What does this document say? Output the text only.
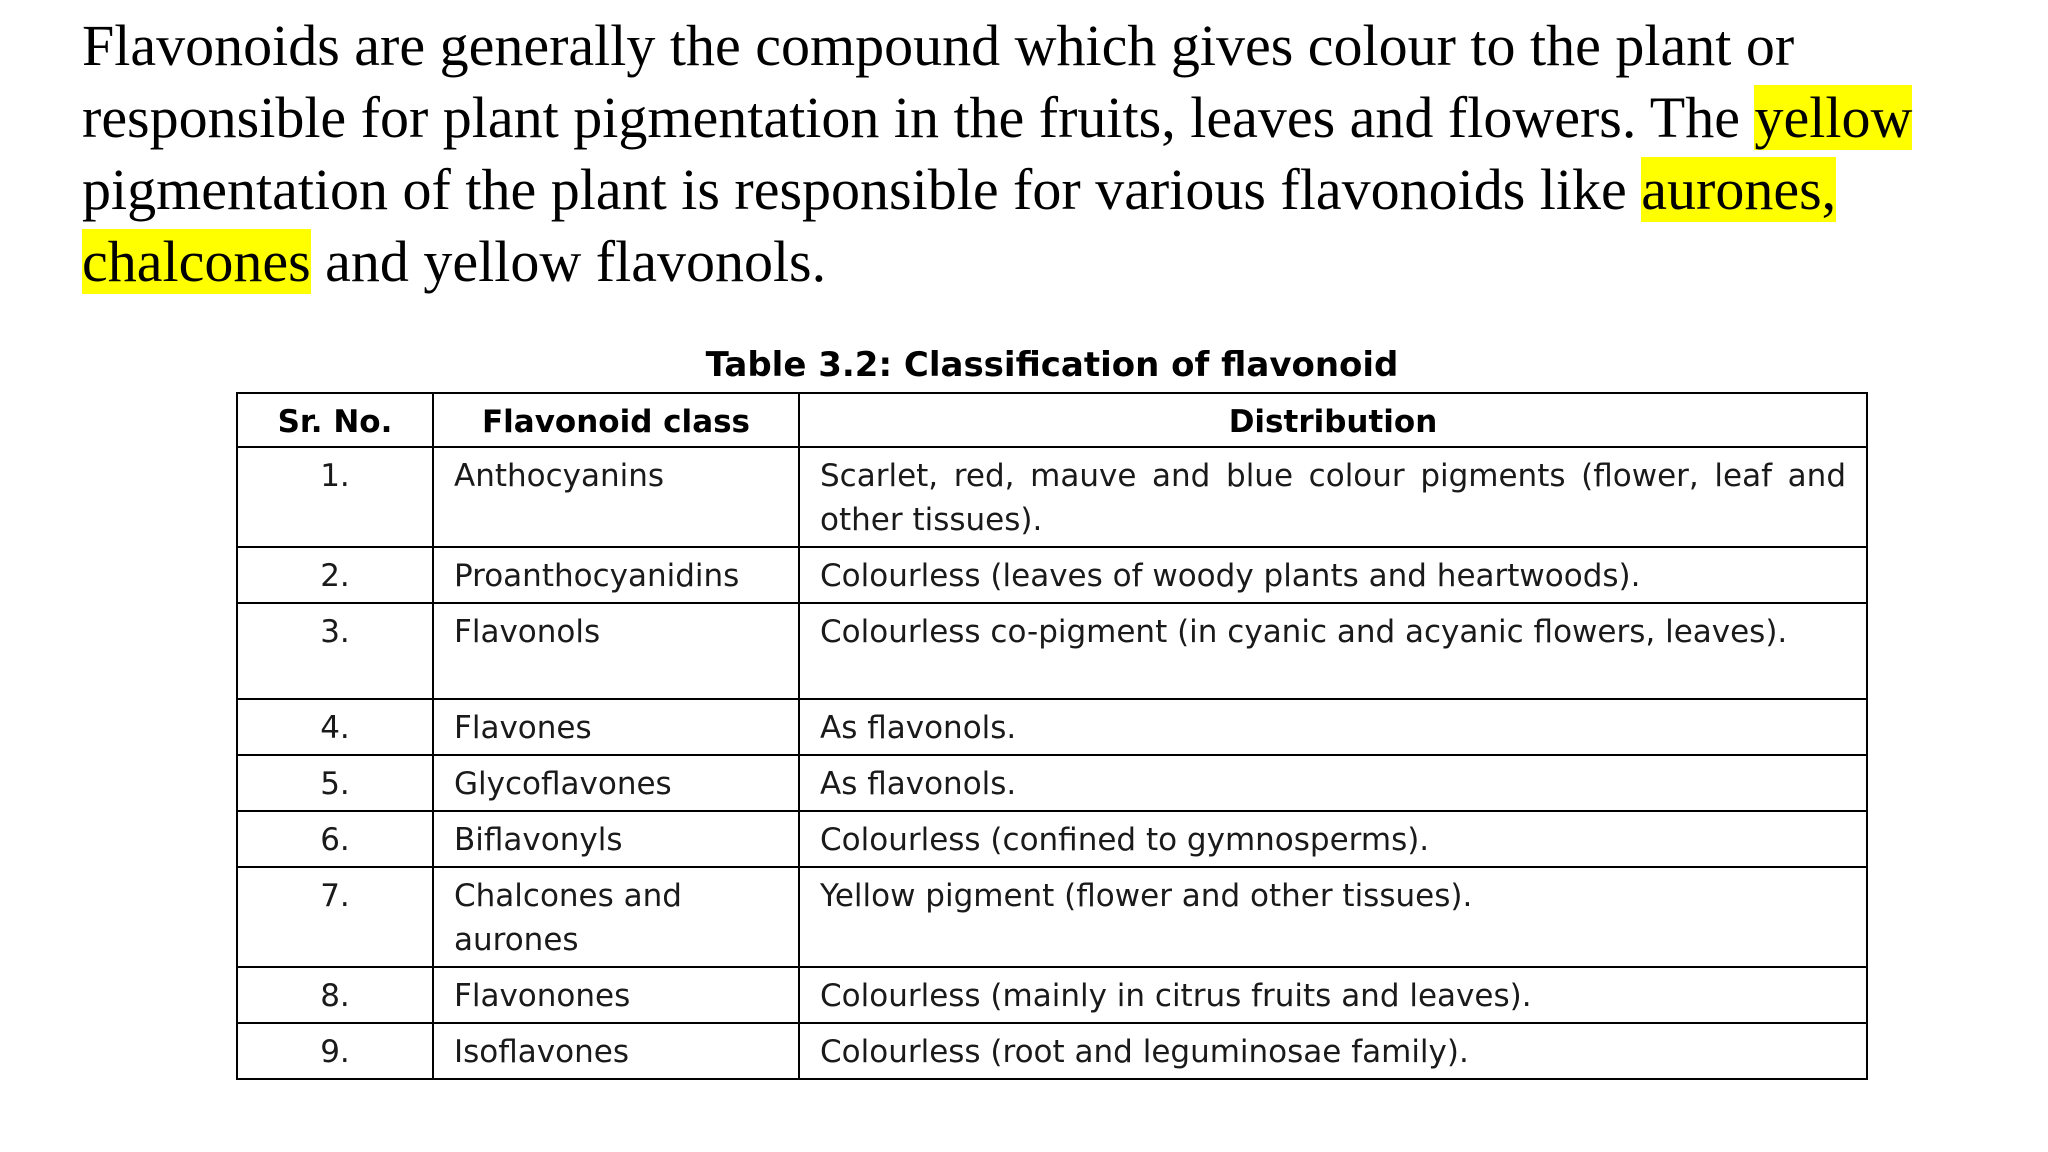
Flavonoids are generally the compound which gives colour to the plant or responsible for plant pigmentation in the fruits, leaves and flowers. The yellow pigmentation of the plant is responsible for various flavonoids like aurones, chalcones and yellow flavonols.

Table 3.2: Classification of flavonoid
Sr. No.	Flavonoid class	Distribution
1.	Anthocyanins	Scarlet, red, mauve and blue colour pigments (flower, leaf and other tissues).
2.	Proanthocyanidins	Colourless (leaves of woody plants and heartwoods).
3.	Flavonols	Colourless co-pigment (in cyanic and acyanic flowers, leaves).
4.	Flavones	As flavonols.
5.	Glycoflavones	As flavonols.
6.	Biflavonyls	Colourless (confined to gymnosperms).
7.	Chalcones and aurones	Yellow pigment (flower and other tissues).
8.	Flavonones	Colourless (mainly in citrus fruits and leaves).
9.	Isoflavones	Colourless (root and leguminosae family).
